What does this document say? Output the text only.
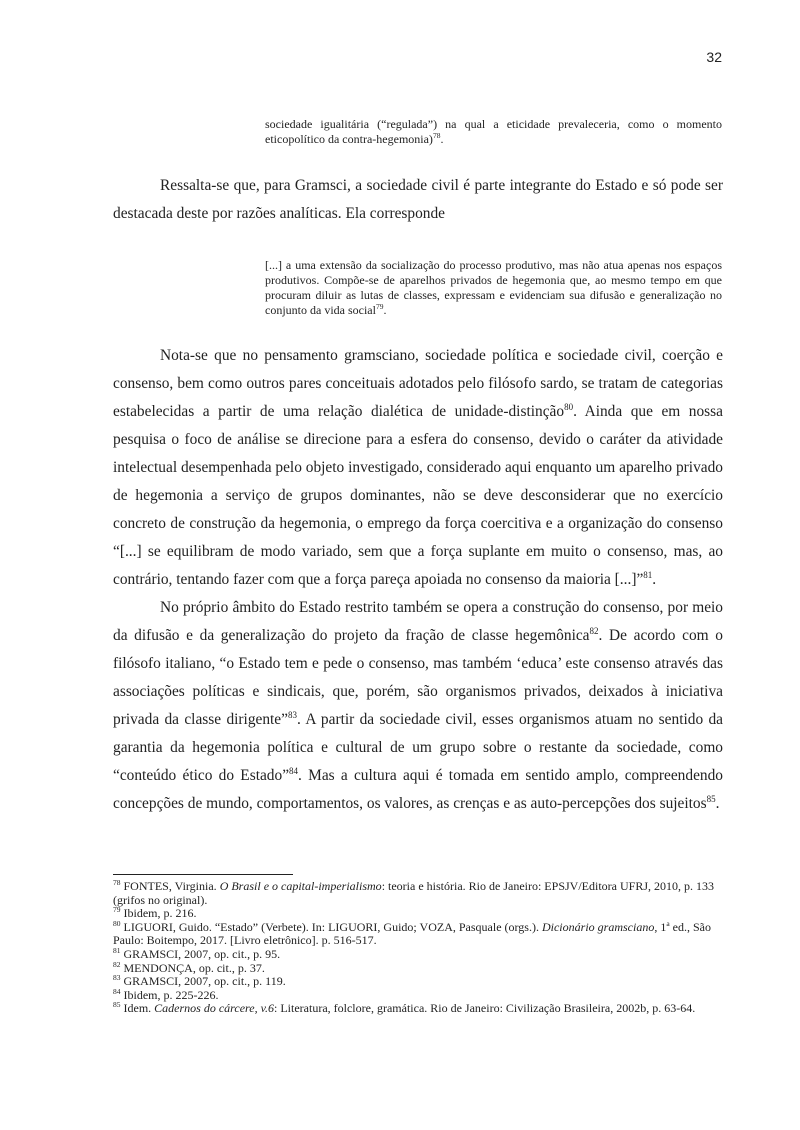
32
sociedade igualitária (“regulada”) na qual a eticidade prevaleceria, como o momento eticopolítico da contra-hegemonia)$^{78}$.

Ressalta-se que, para Gramsci, a sociedade civil é parte integrante do Estado e só pode ser destacada deste por razões analíticas. Ela corresponde

[...] a uma extensão da socialização do processo produtivo, mas não atua apenas nos espaços produtivos. Compõe-se de aparelhos privados de hegemonia que, ao mesmo tempo em que procuram diluir as lutas de classes, expressam e evidenciam sua difusão e generalização no conjunto da vida social$^{79}$.

Nota-se que no pensamento gramsciano, sociedade política e sociedade civil, coerção e consenso, bem como outros pares conceituais adotados pelo filósofo sardo, se tratam de categorias estabelecidas a partir de uma relação dialética de unidade-distinção$^{80}$. Ainda que em nossa pesquisa o foco de análise se direcione para a esfera do consenso, devido o caráter da atividade intelectual desempenhada pelo objeto investigado, considerado aqui enquanto um aparelho privado de hegemonia a serviço de grupos dominantes, não se deve desconsiderar que no exercício concreto de construção da hegemonia, o emprego da força coercitiva e a organização do consenso “[...] se equilibram de modo variado, sem que a força suplante em muito o consenso, mas, ao contrário, tentando fazer com que a força pareça apoiada no consenso da maioria [...]”$^{81}$.

No próprio âmbito do Estado restrito também se opera a construção do consenso, por meio da difusão e da generalização do projeto da fração de classe hegemônica$^{82}$. De acordo com o filósofo italiano, “o Estado tem e pede o consenso, mas também ‘educa’ este consenso através das associações políticas e sindicais, que, porém, são organismos privados, deixados à iniciativa privada da classe dirigente”$^{83}$. A partir da sociedade civil, esses organismos atuam no sentido da garantia da hegemonia política e cultural de um grupo sobre o restante da sociedade, como “conteúdo ético do Estado”$^{84}$. Mas a cultura aqui é tomada em sentido amplo, compreendendo concepções de mundo, comportamentos, os valores, as crenças e as auto-percepções dos sujeitos$^{85}$.

$^{78}$ FONTES, Virginia. O Brasil e o capital-imperialismo: teoria e história. Rio de Janeiro: EPSJV/Editora UFRJ, 2010, p. 133 (grifos no original).

$^{79}$ Ibidem, p. 216.

$^{80}$ LIGUORI, Guido. “Estado” (Verbete). In: LIGUORI, Guido; VOZA, Pasquale (orgs.). Dicionário gramsciano, 1$^a$ ed., São Paulo: Boitempo, 2017. [Livro eletrônico]. p. 516-517.

$^{81}$ GRAMSCI, 2007, op. cit., p. 95.

$^{82}$ MENDONÇA, op. cit., p. 37.

$^{83}$ GRAMSCI, 2007, op. cit., p. 119.

$^{84}$ Ibidem, p. 225-226.

$^{85}$ Idem. Cadernos do cárcere, v.6: Literatura, folclore, gramática. Rio de Janeiro: Civilização Brasileira, 2002b, p. 63-64.
